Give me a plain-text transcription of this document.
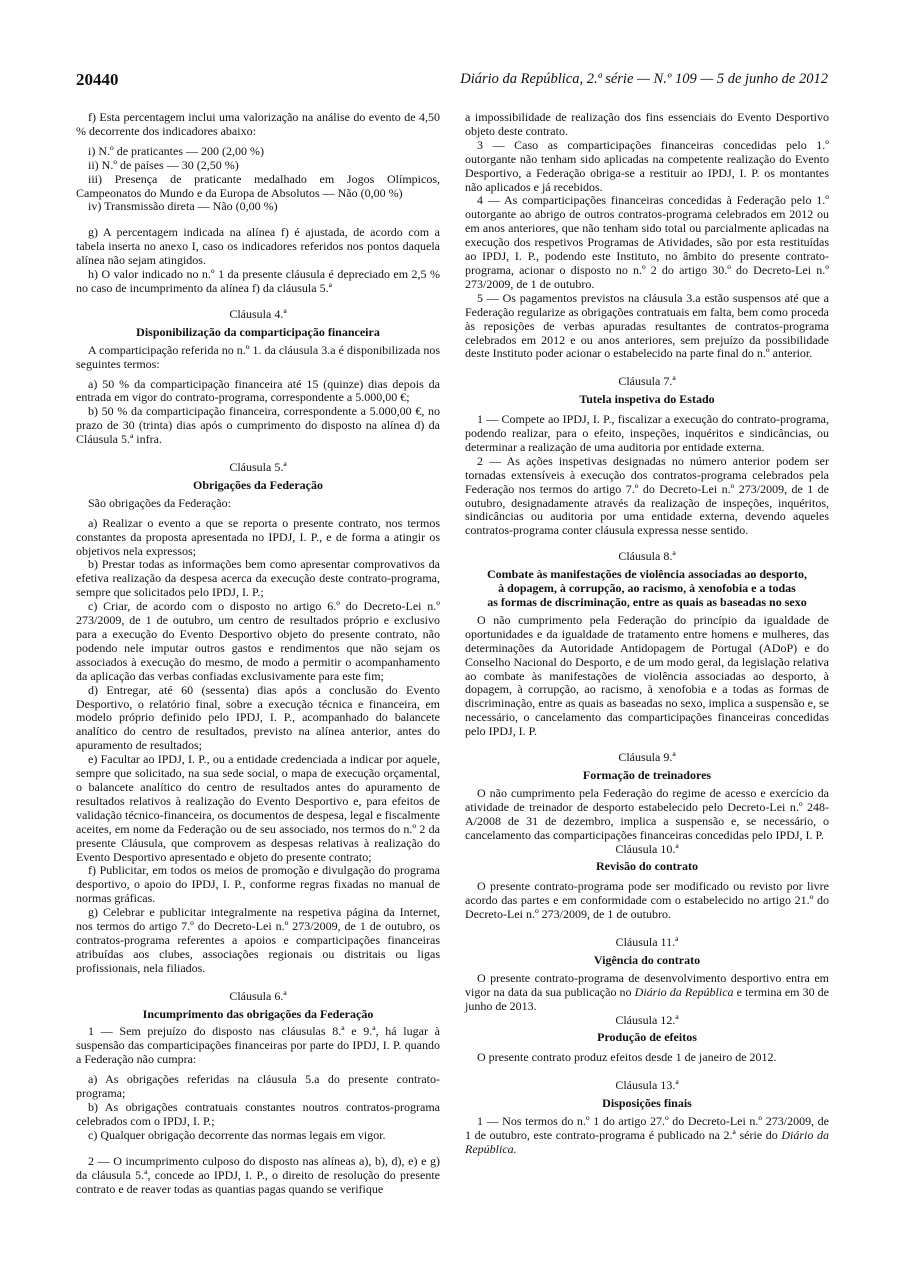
20440	Diário da República, 2.ª série — N.º 109 — 5 de junho de 2012

f) Esta percentagem inclui uma valorização na análise do evento de 4,50 % decorrente dos indicadores abaixo:

i) N.º de praticantes — 200 (2,00 %)

ii) N.º de países — 30 (2,50 %)

iii) Presença de praticante medalhado em Jogos Olímpicos, Campeonatos do Mundo e da Europa de Absolutos — Não (0,00 %)

iv) Transmissão direta — Não (0,00 %)

g) A percentagem indicada na alínea f) é ajustada, de acordo com a tabela inserta no anexo I, caso os indicadores referidos nos pontos daquela alínea não sejam atingidos.

h) O valor indicado no n.º 1 da presente cláusula é depreciado em 2,5 % no caso de incumprimento da alínea f) da cláusula 5.ª

Cláusula 4.ª

Disponibilização da comparticipação financeira

A comparticipação referida no n.º 1. da cláusula 3.a é disponibilizada nos seguintes termos:

a) 50 % da comparticipação financeira até 15 (quinze) dias depois da entrada em vigor do contrato-programa, correspondente a 5.000,00 €;

b) 50 % da comparticipação financeira, correspondente a 5.000,00 €, no prazo de 30 (trinta) dias após o cumprimento do disposto na alínea d) da Cláusula 5.ª infra.

Cláusula 5.ª

Obrigações da Federação

São obrigações da Federação:

a) Realizar o evento a que se reporta o presente contrato, nos termos constantes da proposta apresentada no IPDJ, I. P., e de forma a atingir os objetivos nela expressos;

b) Prestar todas as informações bem como apresentar comprovativos da efetiva realização da despesa acerca da execução deste contrato-programa, sempre que solicitados pelo IPDJ, I. P.;

c) Criar, de acordo com o disposto no artigo 6.º do Decreto-Lei n.º 273/2009, de 1 de outubro, um centro de resultados próprio e exclusivo para a execução do Evento Desportivo objeto do presente contrato, não podendo nele imputar outros gastos e rendimentos que não sejam os associados à execução do mesmo, de modo a permitir o acompanhamento da aplicação das verbas confiadas exclusivamente para este fim;

d) Entregar, até 60 (sessenta) dias após a conclusão do Evento Desportivo, o relatório final, sobre a execução técnica e financeira, em modelo próprio definido pelo IPDJ, I. P., acompanhado do balancete analítico do centro de resultados, previsto na alínea anterior, antes do apuramento de resultados;

e) Facultar ao IPDJ, I. P., ou a entidade credenciada a indicar por aquele, sempre que solicitado, na sua sede social, o mapa de execução orçamental, o balancete analítico do centro de resultados antes do apuramento de resultados relativos à realização do Evento Desportivo e, para efeitos de validação técnico-financeira, os documentos de despesa, legal e fiscalmente aceites, em nome da Federação ou de seu associado, nos termos do n.º 2 da presente Cláusula, que comprovem as despesas relativas à realização do Evento Desportivo apresentado e objeto do presente contrato;

f) Publicitar, em todos os meios de promoção e divulgação do programa desportivo, o apoio do IPDJ, I. P., conforme regras fixadas no manual de normas gráficas.

g) Celebrar e publicitar integralmente na respetiva página da Internet, nos termos do artigo 7.º do Decreto-Lei n.º 273/2009, de 1 de outubro, os contratos-programa referentes a apoios e comparticipações financeiras atribuídas aos clubes, associações regionais ou distritais ou ligas profissionais, nela filiados.

Cláusula 6.ª

Incumprimento das obrigações da Federação

1 — Sem prejuízo do disposto nas cláusulas 8.ª e 9.ª, há lugar à suspensão das comparticipações financeiras por parte do IPDJ, I. P. quando a Federação não cumpra:

a) As obrigações referidas na cláusula 5.a do presente contrato-programa;

b) As obrigações contratuais constantes noutros contratos-programa celebrados com o IPDJ, I. P.;

c) Qualquer obrigação decorrente das normas legais em vigor.

2 — O incumprimento culposo do disposto nas alíneas a), b), d), e) e g) da cláusula 5.ª, concede ao IPDJ, I. P., o direito de resolução do presente contrato e de reaver todas as quantias pagas quando se verifique

a impossibilidade de realização dos fins essenciais do Evento Desportivo objeto deste contrato.

3 — Caso as comparticipações financeiras concedidas pelo 1.º outorgante não tenham sido aplicadas na competente realização do Evento Desportivo, a Federação obriga-se a restituir ao IPDJ, I. P. os montantes não aplicados e já recebidos.

4 — As comparticipações financeiras concedidas à Federação pelo 1.º outorgante ao abrigo de outros contratos-programa celebrados em 2012 ou em anos anteriores, que não tenham sido total ou parcialmente aplicadas na execução dos respetivos Programas de Atividades, são por esta restituídas ao IPDJ, I. P., podendo este Instituto, no âmbito do presente contrato-programa, acionar o disposto no n.º 2 do artigo 30.º do Decreto-Lei n.º 273/2009, de 1 de outubro.

5 — Os pagamentos previstos na cláusula 3.a estão suspensos até que a Federação regularize as obrigações contratuais em falta, bem como proceda às reposições de verbas apuradas resultantes de contratos-programa celebrados em 2012 e ou anos anteriores, sem prejuízo da possibilidade deste Instituto poder acionar o estabelecido na parte final do n.º anterior.

Cláusula 7.ª

Tutela inspetiva do Estado

1 — Compete ao IPDJ, I. P., fiscalizar a execução do contrato-programa, podendo realizar, para o efeito, inspeções, inquéritos e sindicâncias, ou determinar a realização de uma auditoria por entidade externa.

2 — As ações inspetivas designadas no número anterior podem ser tornadas extensíveis à execução dos contratos-programa celebrados pela Federação nos termos do artigo 7.º do Decreto-Lei n.º 273/2009, de 1 de outubro, designadamente através da realização de inspeções, inquéritos, sindicâncias ou auditoria por uma entidade externa, devendo aqueles contratos-programa conter cláusula expressa nesse sentido.

Cláusula 8.ª

Combate às manifestações de violência associadas ao desporto,

à dopagem, à corrupção, ao racismo, à xenofobia e a todas

as formas de discriminação, entre as quais as baseadas no sexo

O não cumprimento pela Federação do princípio da igualdade de oportunidades e da igualdade de tratamento entre homens e mulheres, das determinações da Autoridade Antidopagem de Portugal (ADoP) e do Conselho Nacional do Desporto, e de um modo geral, da legislação relativa ao combate às manifestações de violência associadas ao desporto, à dopagem, à corrupção, ao racismo, à xenofobia e a todas as formas de discriminação, entre as quais as baseadas no sexo, implica a suspensão e, se necessário, o cancelamento das comparticipações financeiras concedidas pelo IPDJ, I. P.

Cláusula 9.ª

Formação de treinadores

O não cumprimento pela Federação do regime de acesso e exercício da atividade de treinador de desporto estabelecido pelo Decreto-Lei n.º 248-A/2008 de 31 de dezembro, implica a suspensão e, se necessário, o cancelamento das comparticipações financeiras concedidas pelo IPDJ, I. P.

Cláusula 10.ª

Revisão do contrato

O presente contrato-programa pode ser modificado ou revisto por livre acordo das partes e em conformidade com o estabelecido no artigo 21.º do Decreto-Lei n.º 273/2009, de 1 de outubro.

Cláusula 11.ª

Vigência do contrato

O presente contrato-programa de desenvolvimento desportivo entra em vigor na data da sua publicação no Diário da República e termina em 30 de junho de 2013.

Cláusula 12.ª

Produção de efeitos

O presente contrato produz efeitos desde 1 de janeiro de 2012.

Cláusula 13.ª

Disposições finais

1 — Nos termos do n.º 1 do artigo 27.º do Decreto-Lei n.º 273/2009, de 1 de outubro, este contrato-programa é publicado na 2.ª série do Diário da República.
